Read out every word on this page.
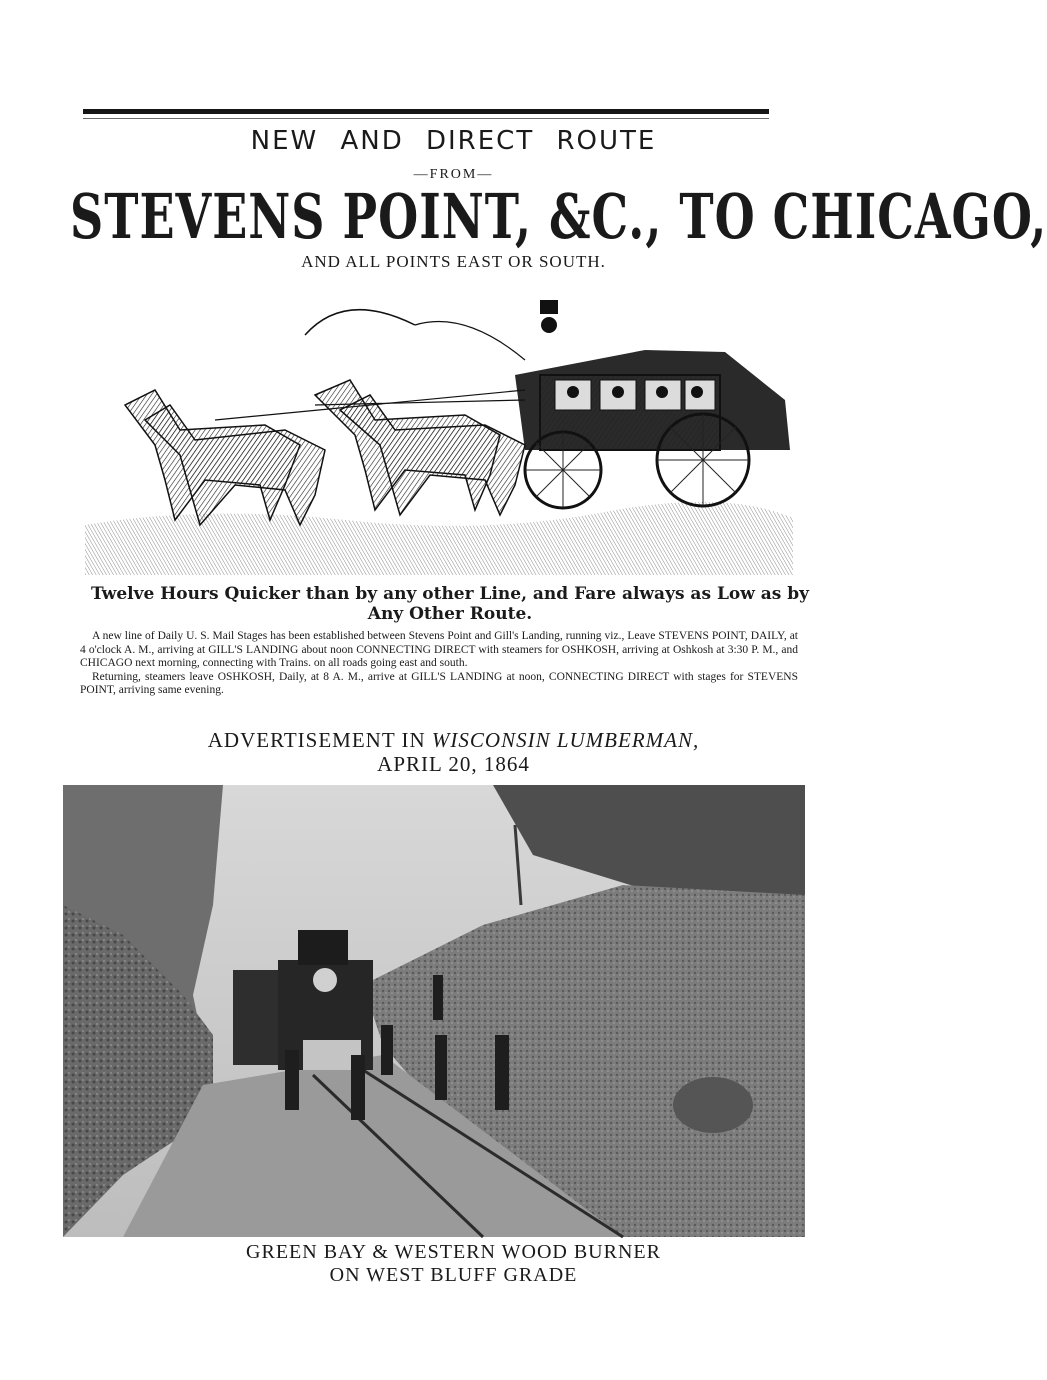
NEW AND DIRECT ROUTE
—FROM—
STEVENS POINT, &C., TO CHICAGO,
AND ALL POINTS EAST OR SOUTH.
Twelve Hours Quicker than by any other Line, and Fare always as Low as by
Any Other Route.

A new line of Daily U. S. Mail Stages has been established between Stevens Point and Gill's Landing, running viz., Leave STEVENS POINT, DAILY, at 4 o'clock A. M., arriving at GILL'S LANDING about noon CONNECTING DIRECT with steamers for OSHKOSH, arriving at Oshkosh at 3:30 P. M., and CHICAGO next morning, connecting with Trains. on all roads going east and south.

Returning, steamers leave OSHKOSH, Daily, at 8 A. M., arrive at GILL'S LANDING at noon, CONNECTING DIRECT with stages for STEVENS POINT, arriving same evening.

ADVERTISEMENT IN WISCONSIN LUMBERMAN,
APRIL 20, 1864
GREEN BAY & WESTERN WOOD BURNER
ON WEST BLUFF GRADE
